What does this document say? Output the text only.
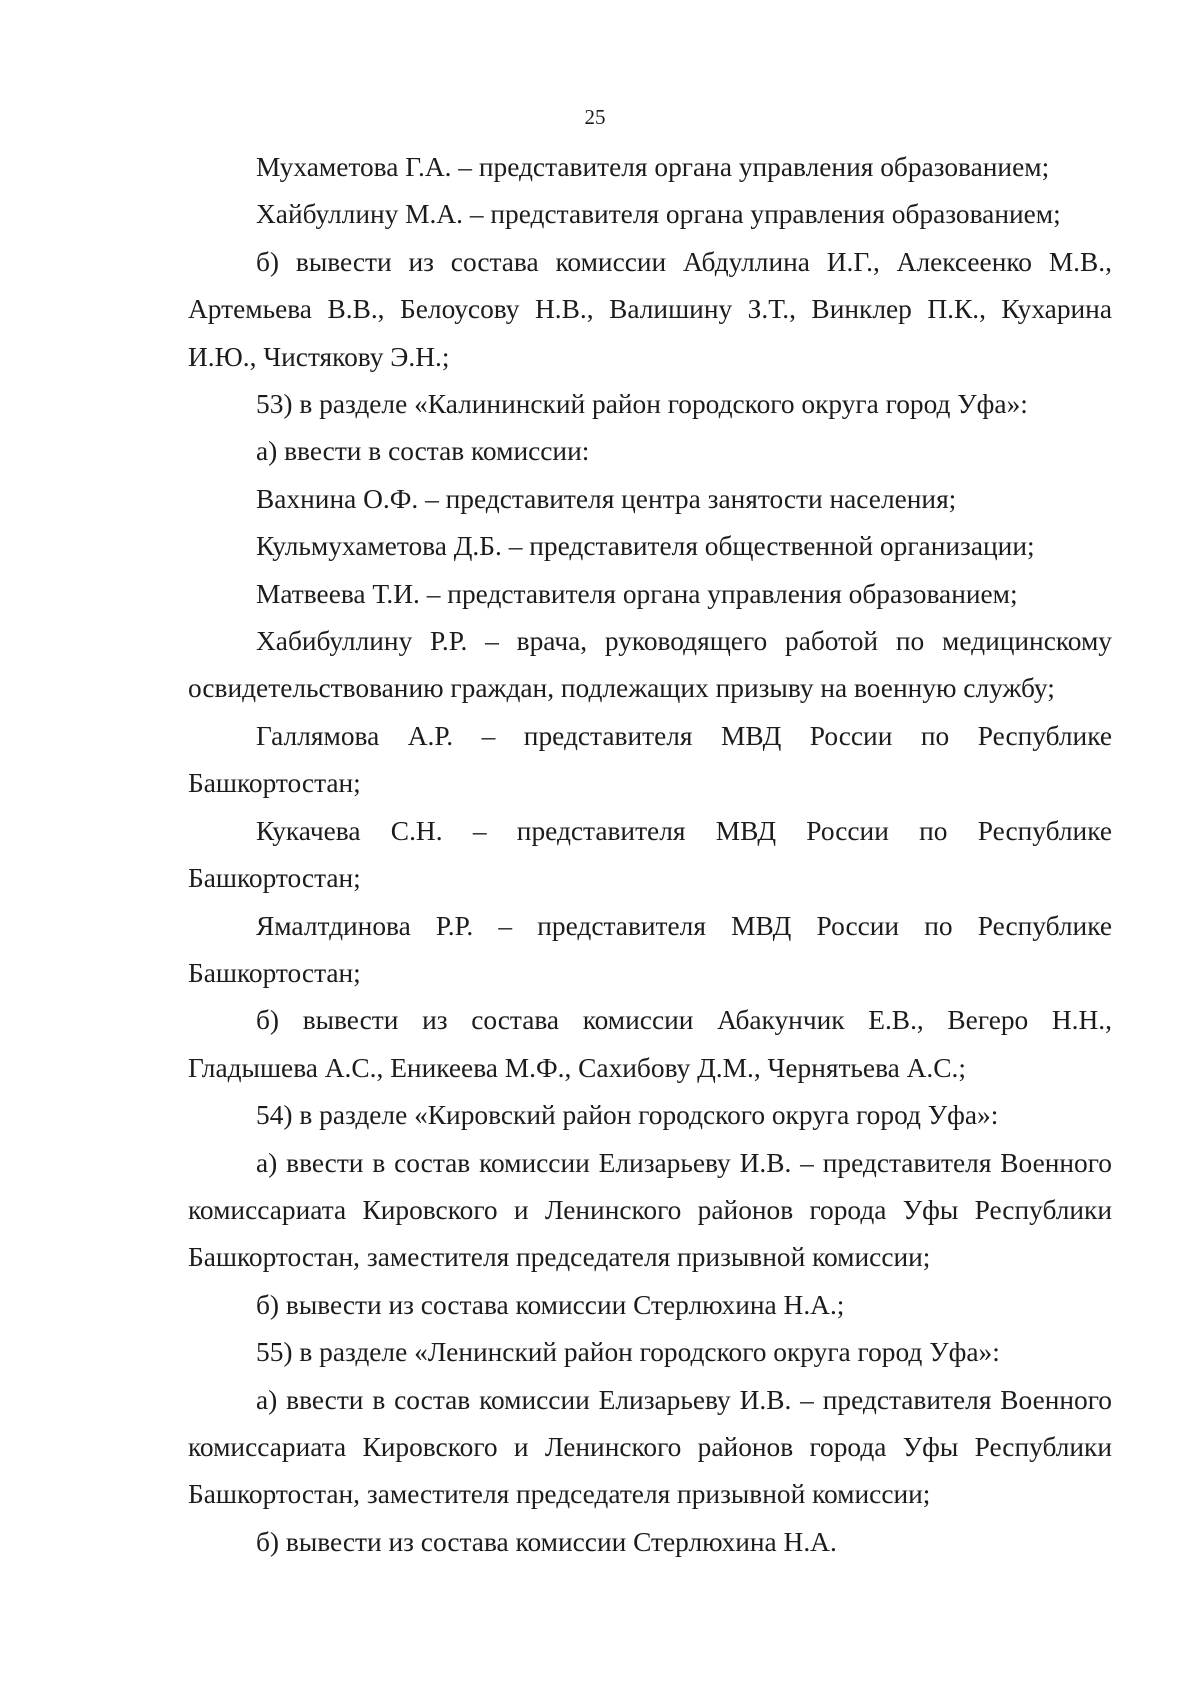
25

Мухаметова Г.А. – представителя органа управления образованием;

Хайбуллину М.А. – представителя органа управления образованием;

б) вывести из состава комиссии Абдуллина И.Г., Алексеенко М.В., Артемьева В.В., Белоусову Н.В., Валишину З.Т., Винклер П.К., Кухарина И.Ю., Чистякову Э.Н.;

53) в разделе «Калининский район городского округа город Уфа»:

а) ввести в состав комиссии:

Вахнина О.Ф. – представителя центра занятости населения;

Кульмухаметова Д.Б. – представителя общественной организации;

Матвеева Т.И. – представителя органа управления образованием;

Хабибуллину Р.Р. – врача, руководящего работой по медицинскому освидетельствованию граждан, подлежащих призыву на военную службу;

Галлямова А.Р. – представителя МВД России по Республике Башкортостан;

Кукачева С.Н. – представителя МВД России по Республике Башкортостан;

Ямалтдинова Р.Р. – представителя МВД России по Республике Башкортостан;

б) вывести из состава комиссии Абакунчик Е.В., Вегеро Н.Н., Гладышева А.С., Еникеева М.Ф., Сахибову Д.М., Чернятьева А.С.;

54) в разделе «Кировский район городского округа город Уфа»:

а) ввести в состав комиссии Елизарьеву И.В. – представителя Военного комиссариата Кировского и Ленинского районов города Уфы Республики Башкортостан, заместителя председателя призывной комиссии;

б) вывести из состава комиссии Стерлюхина Н.А.;

55) в разделе «Ленинский район городского округа город Уфа»:

а) ввести в состав комиссии Елизарьеву И.В. – представителя Военного комиссариата Кировского и Ленинского районов города Уфы Республики Башкортостан, заместителя председателя призывной комиссии;

б) вывести из состава комиссии Стерлюхина Н.А.
